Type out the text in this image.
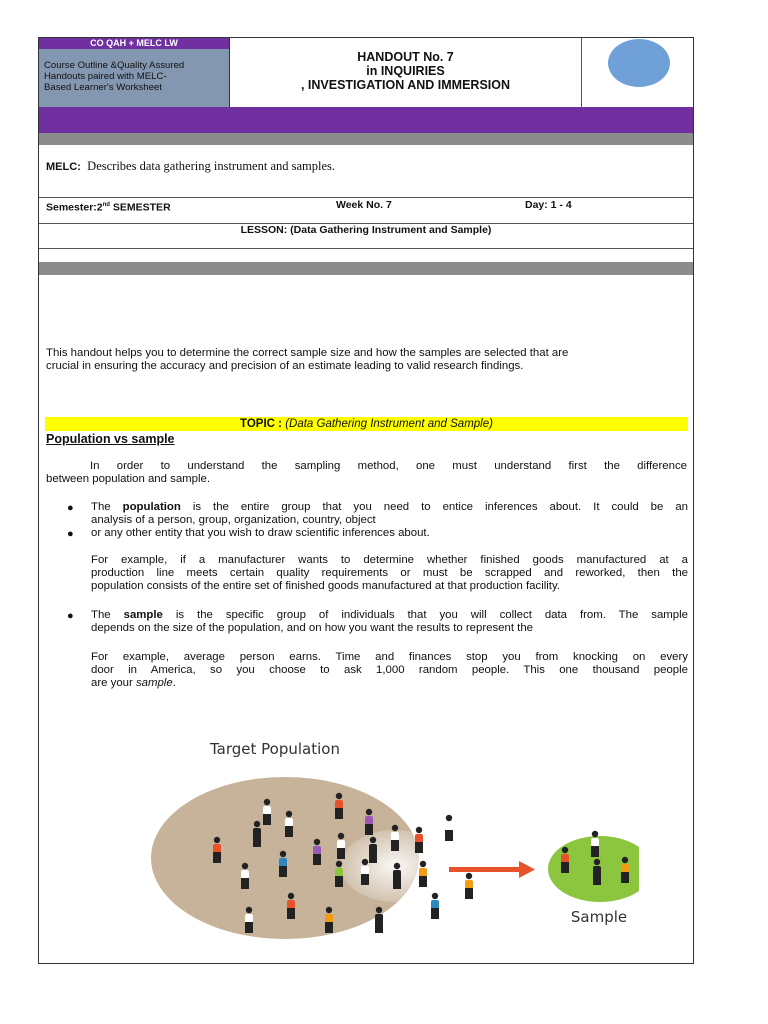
CO QAH + MELC LW
Course Outline &Quality Assured
Handouts paired with MELC-
Based Learner's Worksheet
HANDOUT No. 7
in INQUIRIES
, INVESTIGATION AND IMMERSION
MELC: Describes data gathering instrument and samples.
Semester:2nd SEMESTER	Week No. 7	Day: 1 - 4
LESSON: (Data Gathering Instrument and Sample)
This handout helps you to determine the correct sample size and how the samples are selected that are
crucial in ensuring the accuracy and precision of an estimate leading to valid research findings.
TOPIC : (Data Gathering Instrument and Sample)
Population vs sample
In order to understand the sampling method, one must understand first the difference
between population and sample.
● The population is the entire group that you need to entice inferences about. It could be an
analysis of a person, group, organization, country, object
● or any other entity that you wish to draw scientific inferences about.
For example, if a manufacturer wants to determine whether finished goods manufactured at a
production line meets certain quality requirements or must be scrapped and reworked, then the
population consists of the entire set of finished goods manufactured at that production facility.
● The sample is the specific group of individuals that you will collect data from. The sample
depends on the size of the population, and on how you want the results to represent the
For example, average person earns. Time and finances stop you from knocking on every
door in America, so you choose to ask 1,000 random people. This one thousand people
are your sample.
Target Population
Sample
